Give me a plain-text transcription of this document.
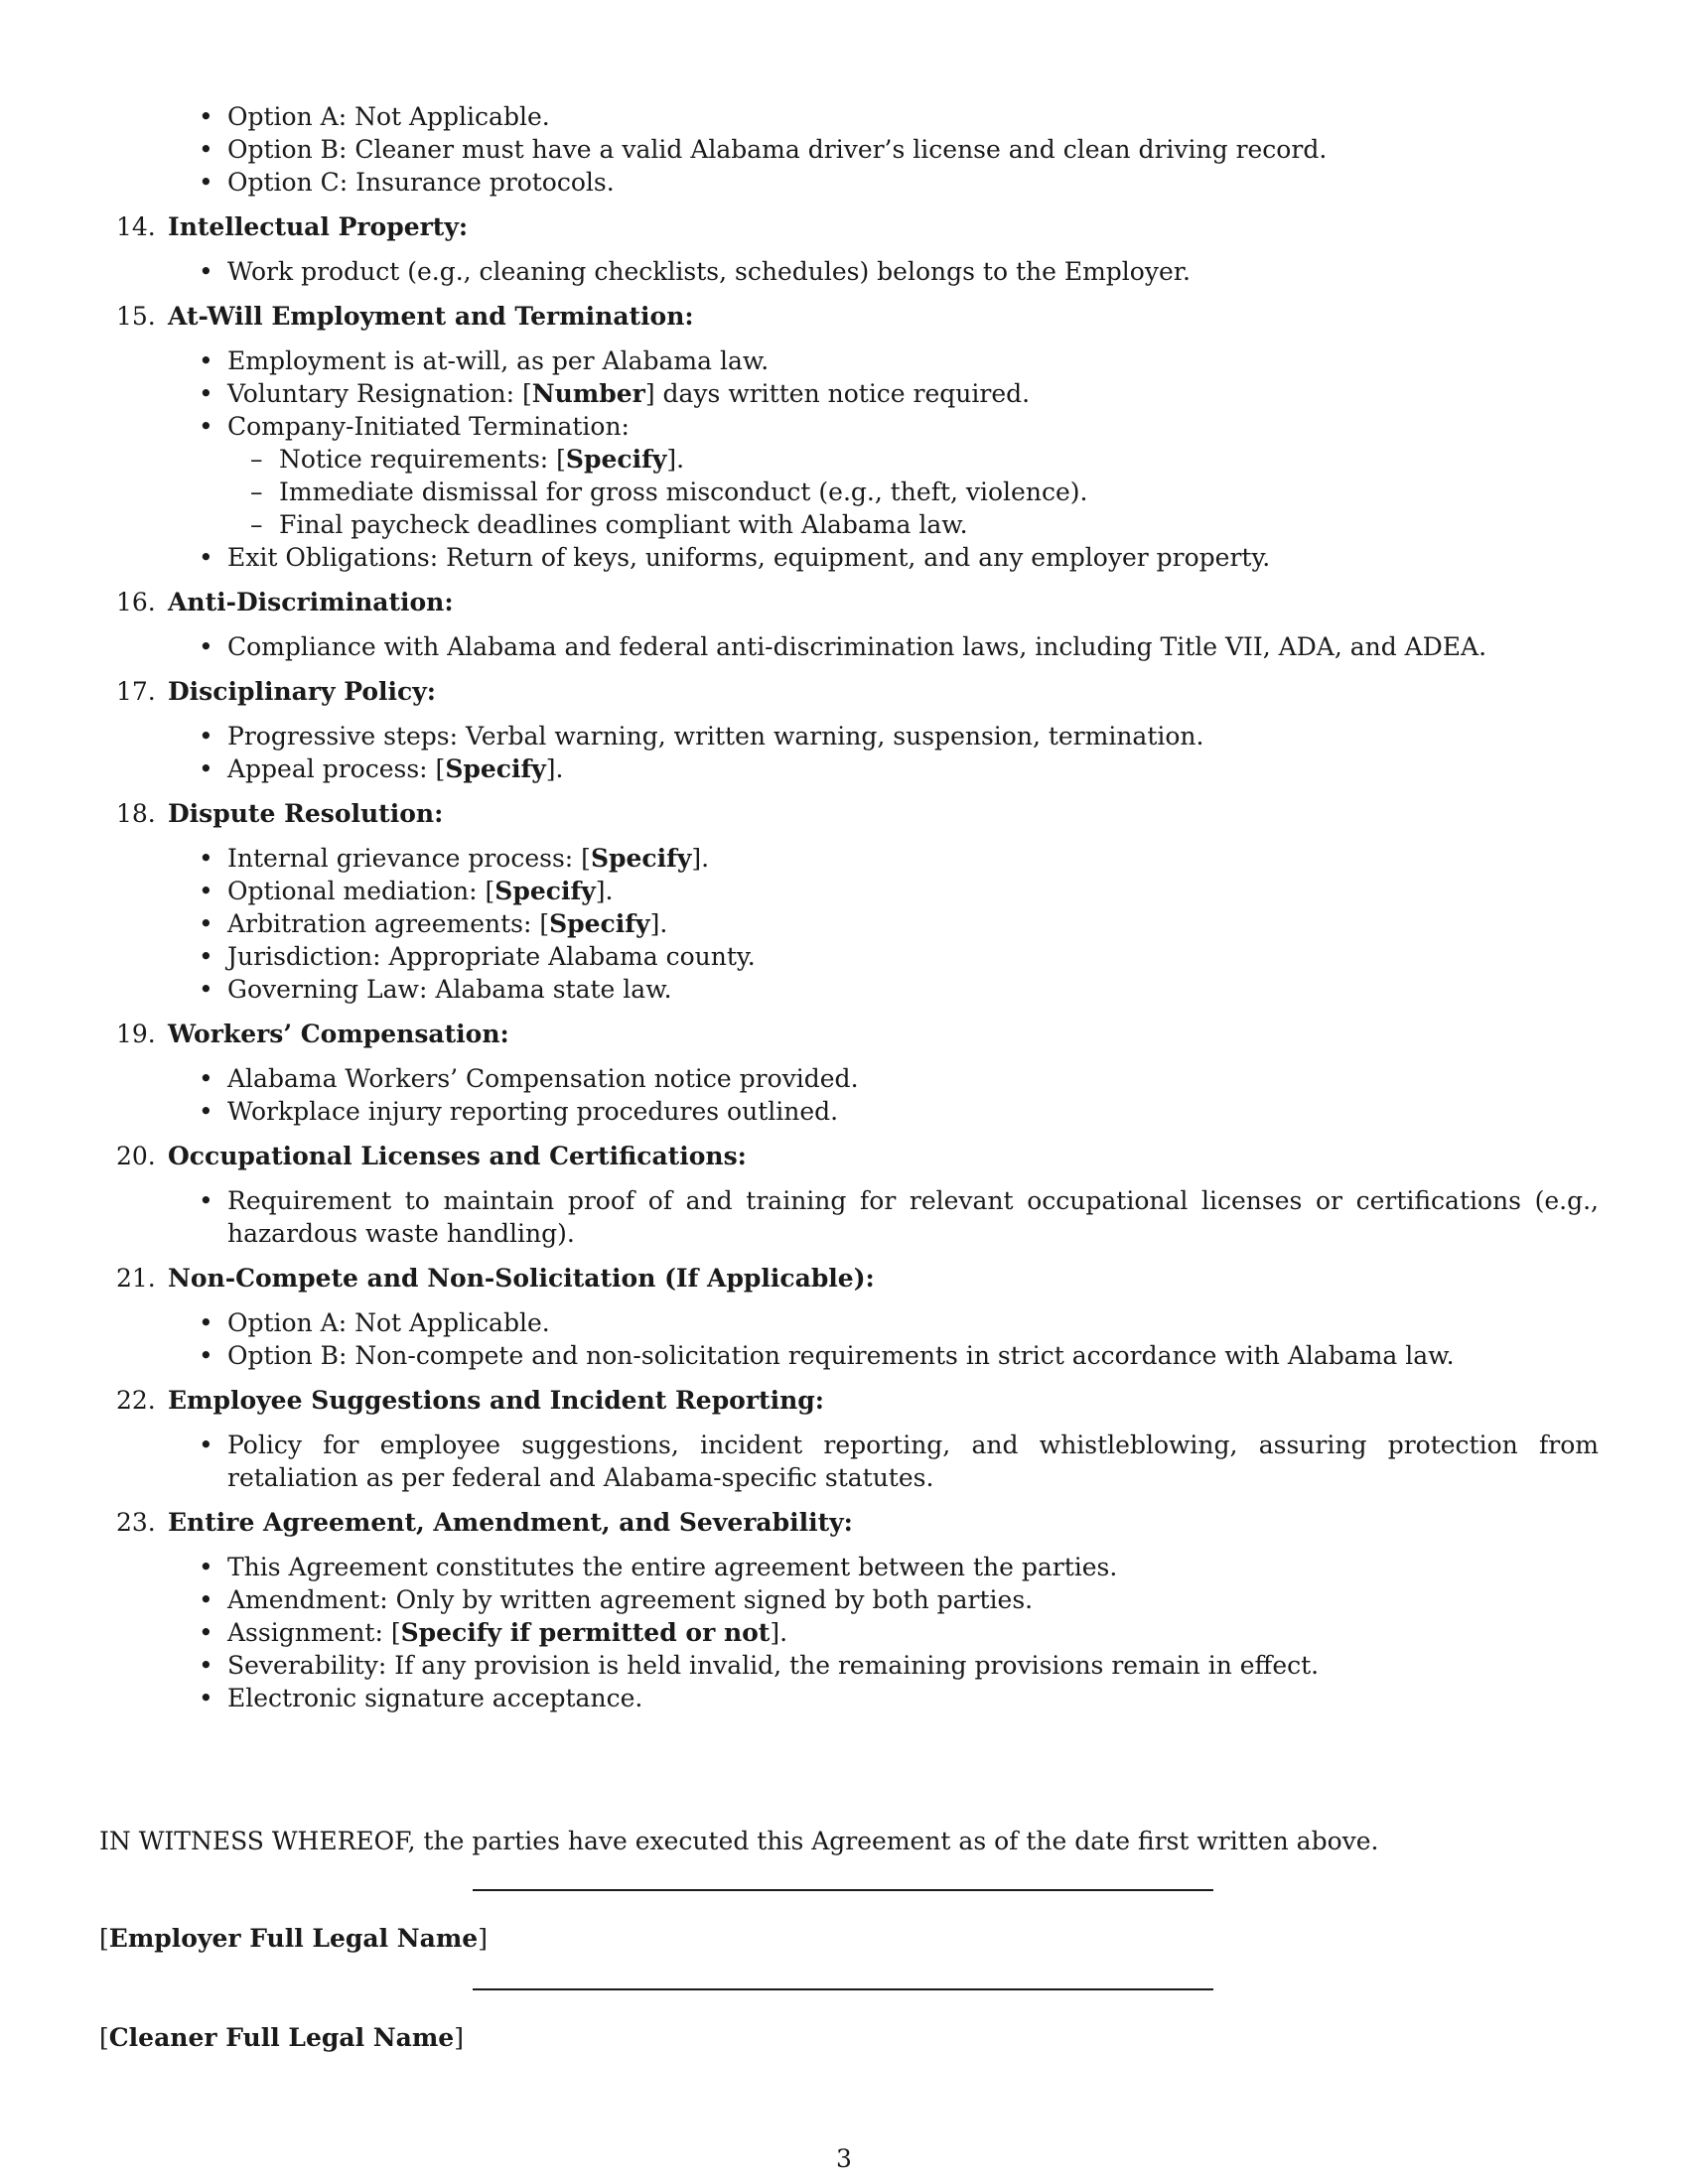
• Option A: Not Applicable.
• Option B: Cleaner must have a valid Alabama driver’s license and clean driving record.
• Option C: Insurance protocols.
14. Intellectual Property:
• Work product (e.g., cleaning checklists, schedules) belongs to the Employer.
15. At-Will Employment and Termination:
• Employment is at-will, as per Alabama law.
• Voluntary Resignation: [Number] days written notice required.
• Company-Initiated Termination:
– Notice requirements: [Specify].
– Immediate dismissal for gross misconduct (e.g., theft, violence).
– Final paycheck deadlines compliant with Alabama law.
• Exit Obligations: Return of keys, uniforms, equipment, and any employer property.
16. Anti-Discrimination:
• Compliance with Alabama and federal anti-discrimination laws, including Title VII, ADA, and ADEA.
17. Disciplinary Policy:
• Progressive steps: Verbal warning, written warning, suspension, termination.
• Appeal process: [Specify].
18. Dispute Resolution:
• Internal grievance process: [Specify].
• Optional mediation: [Specify].
• Arbitration agreements: [Specify].
• Jurisdiction: Appropriate Alabama county.
• Governing Law: Alabama state law.
19. Workers’ Compensation:
• Alabama Workers’ Compensation notice provided.
• Workplace injury reporting procedures outlined.
20. Occupational Licenses and Certifications:
• Requirement to maintain proof of and training for relevant occupational licenses or certifications (e.g., hazardous waste handling).
21. Non-Compete and Non-Solicitation (If Applicable):
• Option A: Not Applicable.
• Option B: Non-compete and non-solicitation requirements in strict accordance with Alabama law.
22. Employee Suggestions and Incident Reporting:
• Policy for employee suggestions, incident reporting, and whistleblowing, assuring protection from retaliation as per federal and Alabama-specific statutes.
23. Entire Agreement, Amendment, and Severability:
• This Agreement constitutes the entire agreement between the parties.
• Amendment: Only by written agreement signed by both parties.
• Assignment: [Specify if permitted or not].
• Severability: If any provision is held invalid, the remaining provisions remain in effect.
• Electronic signature acceptance.
IN WITNESS WHEREOF, the parties have executed this Agreement as of the date first written above.
[Employer Full Legal Name]
[Cleaner Full Legal Name]
3
